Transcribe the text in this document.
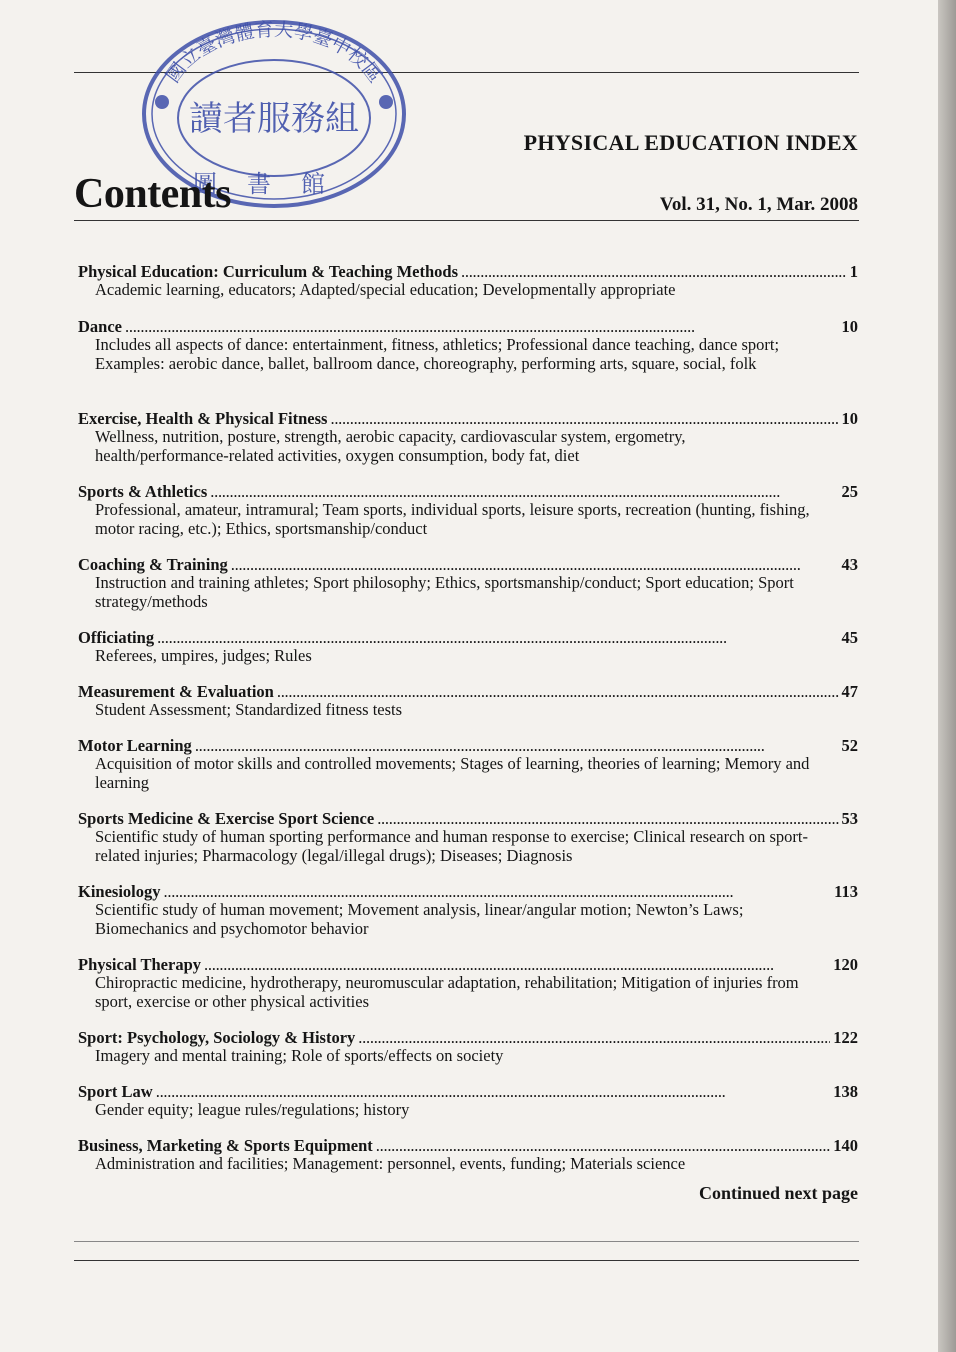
國立臺灣體育大學臺中校區
讀者服務組
圖書館
PHYSICAL EDUCATION INDEX
Contents	Vol. 31, No. 1, Mar. 2008
Physical Education: Curriculum & Teaching Methods . . .	1
Academic learning, educators; Adapted/special education; Developmentally appropriate
Dance . . .	10
Includes all aspects of dance: entertainment, fitness, athletics; Professional dance teaching, dance sport; Examples: aerobic dance, ballet, ballroom dance, choreography, performing arts, square, social, folk
Exercise, Health & Physical Fitness . . .	10
Wellness, nutrition, posture, strength, aerobic capacity, cardiovascular system, ergometry, health/performance-related activities, oxygen consumption, body fat, diet
Sports & Athletics . . .	25
Professional, amateur, intramural; Team sports, individual sports, leisure sports, recreation (hunting, fishing, motor racing, etc.); Ethics, sportsmanship/conduct
Coaching & Training . . .	43
Instruction and training athletes; Sport philosophy; Ethics, sportsmanship/conduct; Sport education; Sport strategy/methods
Officiating . . .	45
Referees, umpires, judges; Rules
Measurement & Evaluation . . .	47
Student Assessment; Standardized fitness tests
Motor Learning . . .	52
Acquisition of motor skills and controlled movements; Stages of learning, theories of learning; Memory and learning
Sports Medicine & Exercise Sport Science . . .	53
Scientific study of human sporting performance and human response to exercise; Clinical research on sport-related injuries; Pharmacology (legal/illegal drugs); Diseases; Diagnosis
Kinesiology . . .	113
Scientific study of human movement; Movement analysis, linear/angular motion; Newton’s Laws; Biomechanics and psychomotor behavior
Physical Therapy . . .	120
Chiropractic medicine, hydrotherapy, neuromuscular adaptation, rehabilitation; Mitigation of injuries from sport, exercise or other physical activities
Sport: Psychology, Sociology & History . . .	122
Imagery and mental training; Role of sports/effects on society
Sport Law . . .	138
Gender equity; league rules/regulations; history
Business, Marketing & Sports Equipment . . .	140
Administration and facilities; Management: personnel, events, funding; Materials science
Continued next page
